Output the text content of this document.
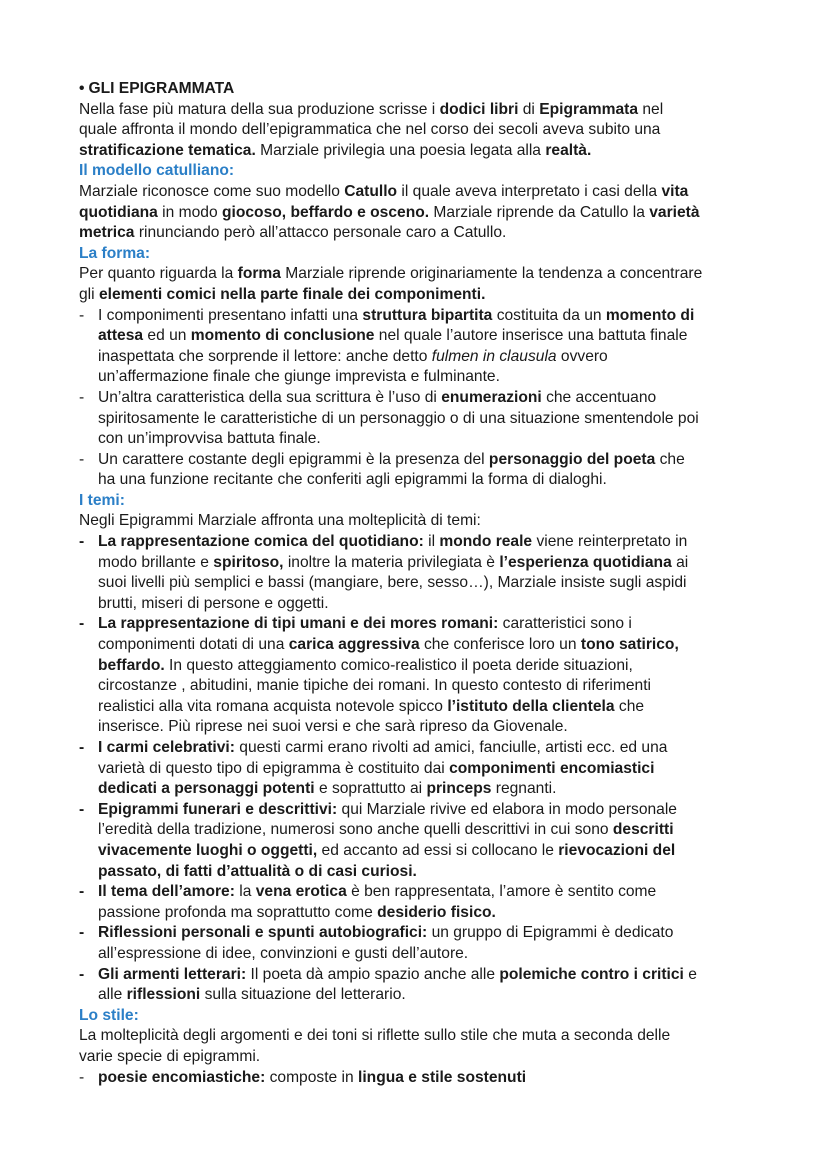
• GLI EPIGRAMMATA
Nella fase più matura della sua produzione scrisse i dodici libri di Epigrammata nel
quale affronta il mondo dell’epigrammatica che nel corso dei secoli aveva subito una
stratificazione tematica. Marziale privilegia una poesia legata alla realtà.
Il modello catulliano:
Marziale riconosce come suo modello Catullo il quale aveva interpretato i casi della vita
quotidiana in modo giocoso, beffardo e osceno. Marziale riprende da Catullo la varietà
metrica rinunciando però all’attacco personale caro a Catullo.
La forma:
Per quanto riguarda la forma Marziale riprende originariamente la tendenza a concentrare
gli elementi comici nella parte finale dei componimenti.
- I componimenti presentano infatti una struttura bipartita costituita da un momento di
attesa ed un momento di conclusione nel quale l’autore inserisce una battuta finale
inaspettata che sorprende il lettore: anche detto fulmen in clausula ovvero
un’affermazione finale che giunge imprevista e fulminante.
- Un’altra caratteristica della sua scrittura è l’uso di enumerazioni che accentuano
spiritosamente le caratteristiche di un personaggio o di una situazione smentendole poi
con un’improvvisa battuta finale.
- Un carattere costante degli epigrammi è la presenza del personaggio del poeta che
ha una funzione recitante che conferiti agli epigrammi la forma di dialoghi.
I temi:
Negli Epigrammi Marziale affronta una molteplicità di temi:
- La rappresentazione comica del quotidiano: il mondo reale viene reinterpretato in
modo brillante e spiritoso, inoltre la materia privilegiata è l’esperienza quotidiana ai
suoi livelli più semplici e bassi (mangiare, bere, sesso…), Marziale insiste sugli aspidi
brutti, miseri di persone e oggetti.
- La rappresentazione di tipi umani e dei mores romani: caratteristici sono i
componimenti dotati di una carica aggressiva che conferisce loro un tono satirico,
beffardo. In questo atteggiamento comico-realistico il poeta deride situazioni,
circostanze , abitudini, manie tipiche dei romani. In questo contesto di riferimenti
realistici alla vita romana acquista notevole spicco l’istituto della clientela che
inserisce. Più riprese nei suoi versi e che sarà ripreso da Giovenale.
- I carmi celebrativi: questi carmi erano rivolti ad amici, fanciulle, artisti ecc. ed una
varietà di questo tipo di epigramma è costituito dai componimenti encomiastici
dedicati a personaggi potenti e soprattutto ai princeps regnanti.
- Epigrammi funerari e descrittivi: qui Marziale rivive ed elabora in modo personale
l’eredità della tradizione, numerosi sono anche quelli descrittivi in cui sono descritti
vivacemente luoghi o oggetti, ed accanto ad essi si collocano le rievocazioni del
passato, di fatti d’attualità o di casi curiosi.
- Il tema dell’amore: la vena erotica è ben rappresentata, l’amore è sentito come
passione profonda ma soprattutto come desiderio fisico.
- Riflessioni personali e spunti autobiografici: un gruppo di Epigrammi è dedicato
all’espressione di idee, convinzioni e gusti dell’autore.
- Gli armenti letterari: Il poeta dà ampio spazio anche alle polemiche contro i critici e
alle riflessioni sulla situazione del letterario.
Lo stile:
La molteplicità degli argomenti e dei toni si riflette sullo stile che muta a seconda delle
varie specie di epigrammi.
- poesie encomiastiche: composte in lingua e stile sostenuti
